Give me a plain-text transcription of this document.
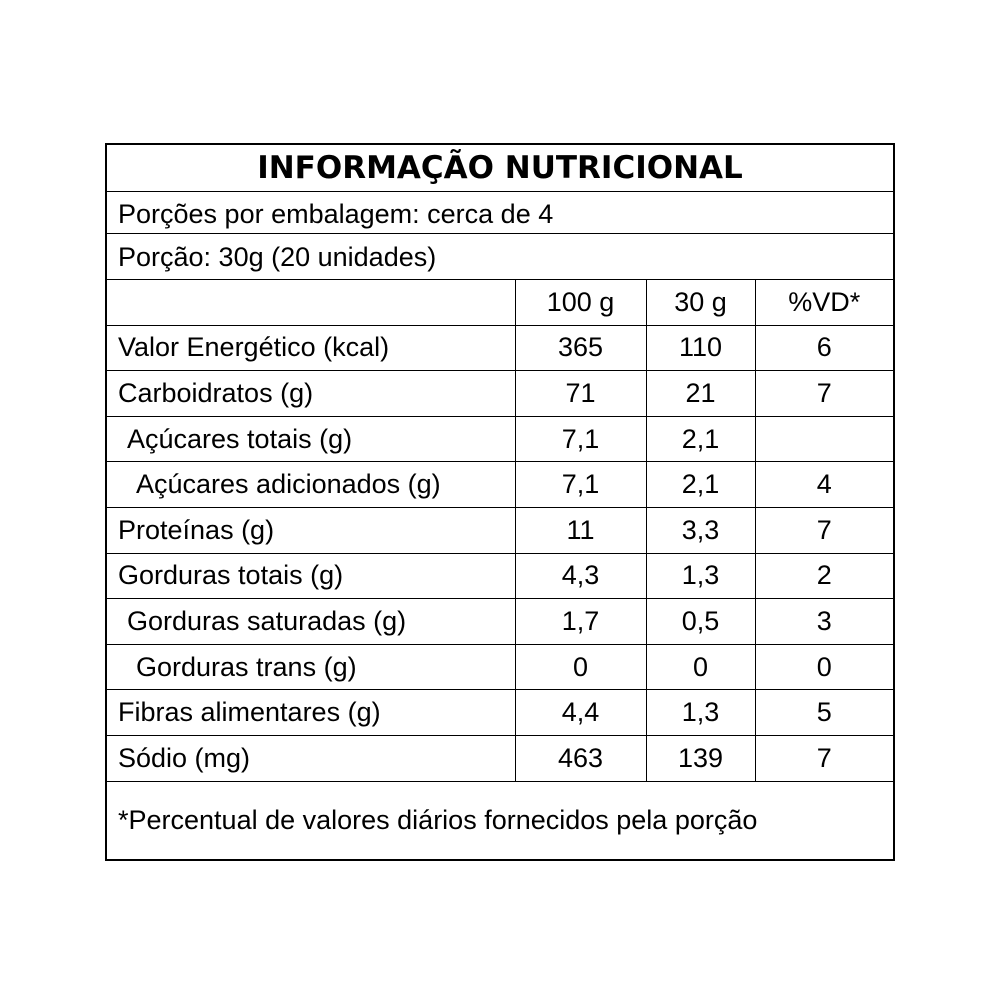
INFORMAÇÃO NUTRICIONAL
Porções por embalagem: cerca de 4
Porção: 30g (20 unidades)
	100 g	30 g	%VD*
Valor Energético (kcal)	365	110	6
Carboidratos (g)	71	21	7
Açúcares totais (g)	7,1	2,1	
Açúcares adicionados (g)	7,1	2,1	4
Proteínas (g)	11	3,3	7
Gorduras totais (g)	4,3	1,3	2
Gorduras saturadas (g)	1,7	0,5	3
Gorduras trans (g)	0	0	0
Fibras alimentares (g)	4,4	1,3	5
Sódio (mg)	463	139	7
*Percentual de valores diários fornecidos pela porção
